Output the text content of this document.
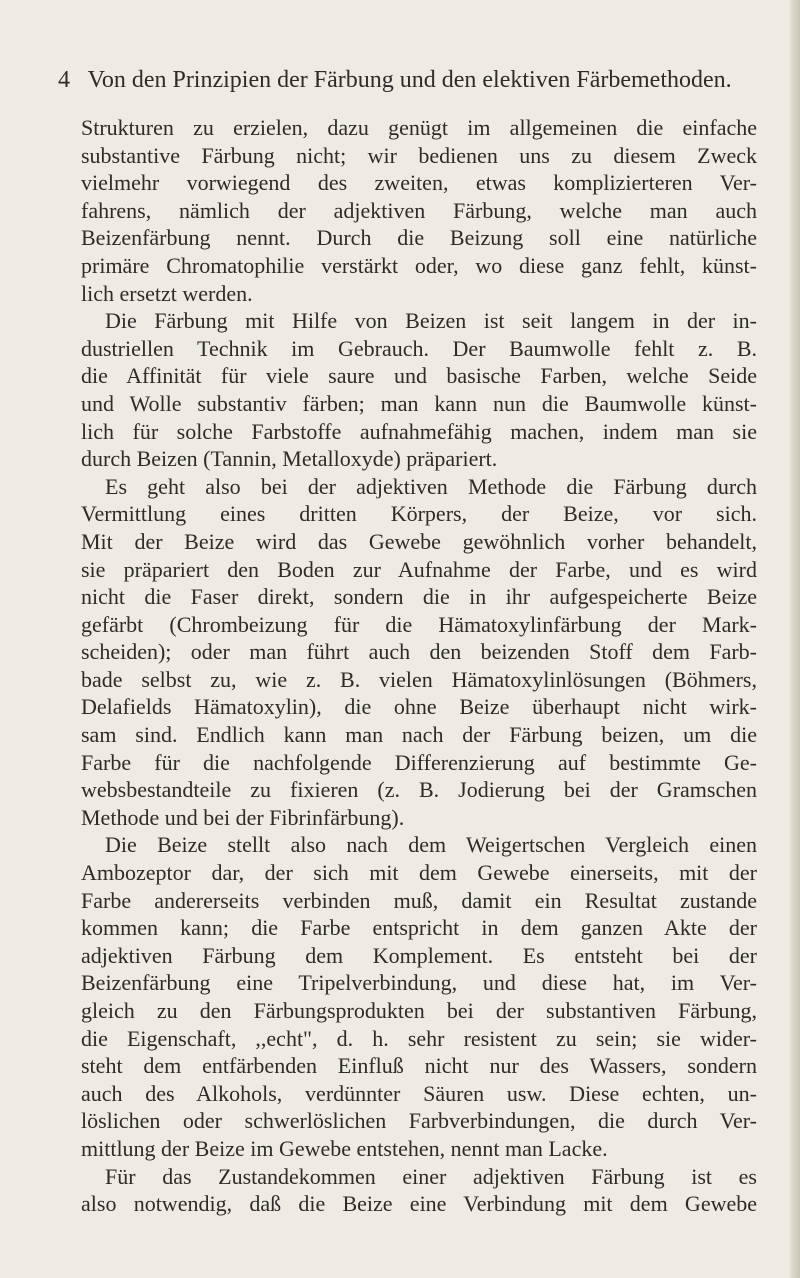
4 Von den Prinzipien der Färbung und den elektiven Färbemethoden.
Strukturen zu erzielen, dazu genügt im allgemeinen die einfache
substantive Färbung nicht; wir bedienen uns zu diesem Zweck
vielmehr vorwiegend des zweiten, etwas komplizierteren Ver-
fahrens, nämlich der adjektiven Färbung, welche man auch
Beizenfärbung nennt. Durch die Beizung soll eine natürliche
primäre Chromatophilie verstärkt oder, wo diese ganz fehlt, künst-
lich ersetzt werden.
Die Färbung mit Hilfe von Beizen ist seit langem in der in-
dustriellen Technik im Gebrauch. Der Baumwolle fehlt z. B.
die Affinität für viele saure und basische Farben, welche Seide
und Wolle substantiv färben; man kann nun die Baumwolle künst-
lich für solche Farbstoffe aufnahmefähig machen, indem man sie
durch Beizen (Tannin, Metalloxyde) präpariert.
Es geht also bei der adjektiven Methode die Färbung durch
Vermittlung eines dritten Körpers, der Beize, vor sich.
Mit der Beize wird das Gewebe gewöhnlich vorher behandelt,
sie präpariert den Boden zur Aufnahme der Farbe, und es wird
nicht die Faser direkt, sondern die in ihr aufgespeicherte Beize
gefärbt (Chrombeizung für die Hämatoxylinfärbung der Mark-
scheiden); oder man führt auch den beizenden Stoff dem Farb-
bade selbst zu, wie z. B. vielen Hämatoxylinlösungen (Böhmers,
Delafields Hämatoxylin), die ohne Beize überhaupt nicht wirk-
sam sind. Endlich kann man nach der Färbung beizen, um die
Farbe für die nachfolgende Differenzierung auf bestimmte Ge-
websbestandteile zu fixieren (z. B. Jodierung bei der Gramschen
Methode und bei der Fibrinfärbung).
Die Beize stellt also nach dem Weigertschen Vergleich einen
Ambozeptor dar, der sich mit dem Gewebe einerseits, mit der
Farbe andererseits verbinden muß, damit ein Resultat zustande
kommen kann; die Farbe entspricht in dem ganzen Akte der
adjektiven Färbung dem Komplement. Es entsteht bei der
Beizenfärbung eine Tripelverbindung, und diese hat, im Ver-
gleich zu den Färbungsprodukten bei der substantiven Färbung,
die Eigenschaft, ,,echt", d. h. sehr resistent zu sein; sie wider-
steht dem entfärbenden Einfluß nicht nur des Wassers, sondern
auch des Alkohols, verdünnter Säuren usw. Diese echten, un-
löslichen oder schwerlöslichen Farbverbindungen, die durch Ver-
mittlung der Beize im Gewebe entstehen, nennt man Lacke.
Für das Zustandekommen einer adjektiven Färbung ist es
also notwendig, daß die Beize eine Verbindung mit dem Gewebe
